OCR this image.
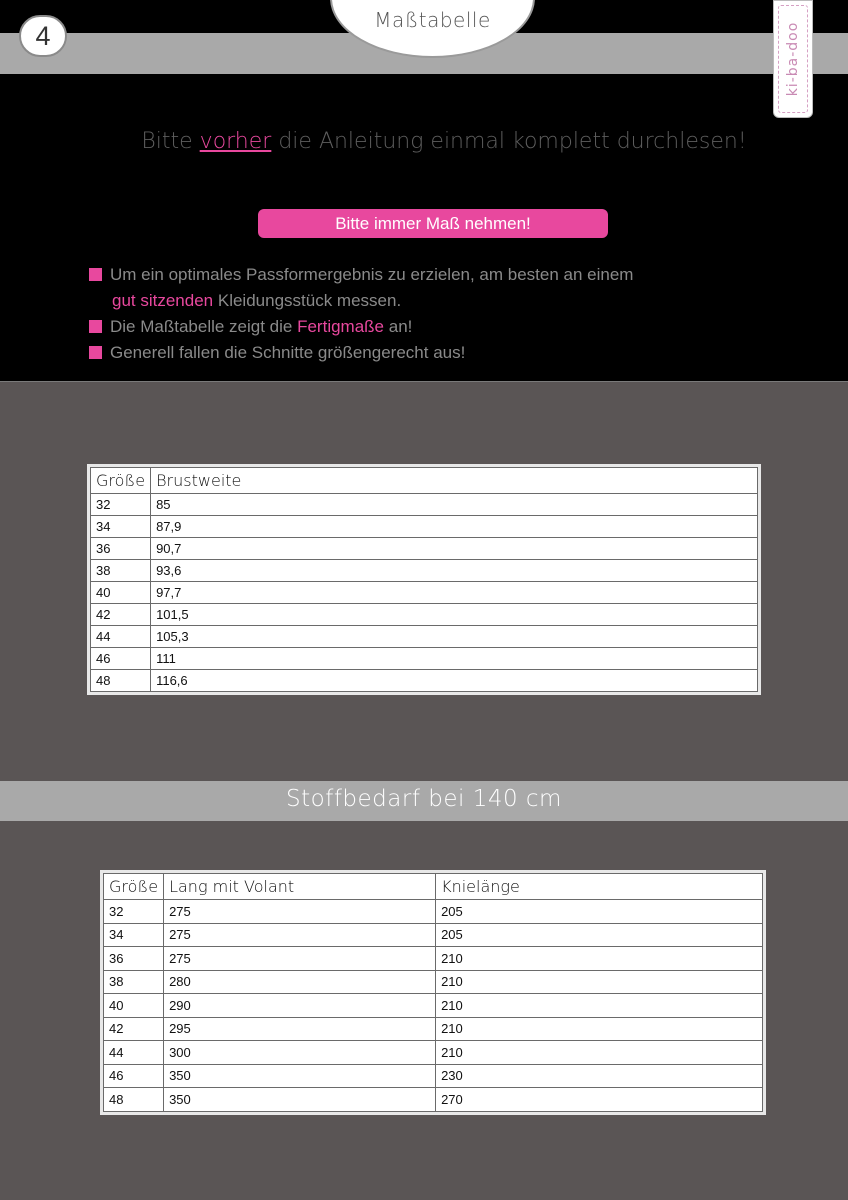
Maßtabelle
4	ki-ba-doo
Bitte vorher die Anleitung einmal komplett durchlesen!
Bitte immer Maß nehmen!
Um ein optimales Passformergebnis zu erzielen, am besten an einem
gut sitzenden Kleidungsstück messen.
Die Maßtabelle zeigt die Fertigmaße an!
Generell fallen die Schnitte größengerecht aus!
Größe	Brustweite
32	85
34	87,9
36	90,7
38	93,6
40	97,7
42	101,5
44	105,3
46	111
48	116,6
Stoffbedarf bei 140 cm
Größe	Lang mit Volant	Knielänge
32	275	205
34	275	205
36	275	210
38	280	210
40	290	210
42	295	210
44	300	210
46	350	230
48	350	270
